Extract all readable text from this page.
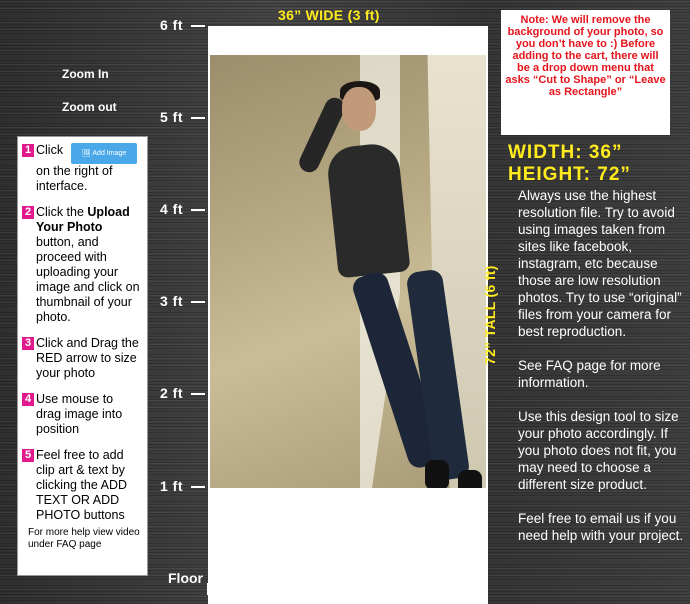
6 ft
5 ft
4 ft
3 ft
2 ft
1 ft
Floor
Zoom In
Zoom out
1 Click	🖼 Add Image
on the right of interface.
2 Click the Upload Your Photo button, and proceed with uploading your image and click on thumbnail of your photo.
3 Click and Drag the RED arrow to size your photo
4 Use mouse to drag image into position
5 Feel free to add clip art & text by clicking the ADD TEXT OR ADD PHOTO buttons
For more help view video under FAQ page
36” WIDE (3 ft)
72” TALL (6 ft)
Note: We will remove the background of your photo, so you don’t have to :) Before adding to the cart, there will be a drop down menu that asks “Cut to Shape” or “Leave as Rectangle”
WIDTH: 36”
HEIGHT: 72”

Always use the highest resolution file. Try to avoid using images taken from sites like facebook, instagram, etc because those are low resolution photos. Try to use “original” files from your camera for best reproduction.

See FAQ page for more information.

Use this design tool to size your photo accordingly. If you photo does not fit, you may need to choose a different size product.

Feel free to email us if you need help with your project.
